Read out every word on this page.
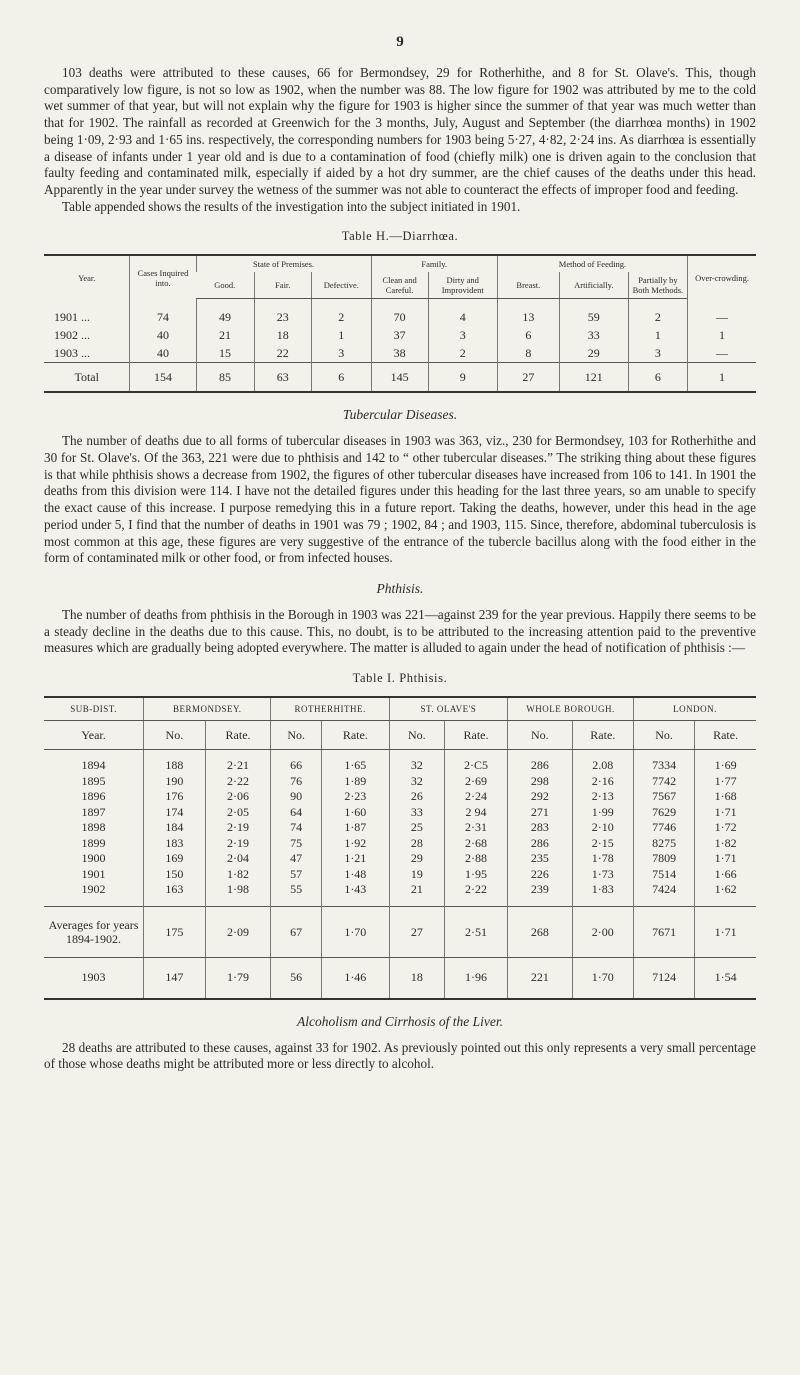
9

103 deaths were attributed to these causes, 66 for Bermondsey, 29 for Rotherhithe, and 8 for St. Olave's. This, though comparatively low figure, is not so low as 1902, when the number was 88. The low figure for 1902 was attributed by me to the cold wet summer of that year, but will not explain why the figure for 1903 is higher since the summer of that year was much wetter than that for 1902. The rainfall as recorded at Greenwich for the 3 months, July, August and September (the diarrhœa months) in 1902 being 1·09, 2·93 and 1·65 ins. respectively, the corresponding numbers for 1903 being 5·27, 4·82, 2·24 ins. As diarrhœa is essentially a disease of infants under 1 year old and is due to a contamination of food (chiefly milk) one is driven again to the conclusion that faulty feeding and contaminated milk, especially if aided by a hot dry summer, are the chief causes of the deaths under this head. Apparently in the year under survey the wetness of the summer was not able to counteract the effects of improper food and feeding.

Table appended shows the results of the investigation into the subject initiated in 1901.

Table H.—Diarrhœa.
Year.	Cases Inquired into.	State of Premises.			Family.		Method of Feeding.			Over-crowding.
		Good.	Fair.	Defective.	Clean and Careful.	Dirty and Improvident	Breast.	Artificially.	Partially by Both Methods.	
1901 ...	74	49	23	2	70	4	13	59	2	—
1902 ...	40	21	18	1	37	3	6	33	1	1
1903 ...	40	15	22	3	38	2	8	29	3	—
Total	154	85	63	6	145	9	27	121	6	1
Tubercular Diseases.

The number of deaths due to all forms of tubercular diseases in 1903 was 363, viz., 230 for Bermondsey, 103 for Rotherhithe and 30 for St. Olave's. Of the 363, 221 were due to phthisis and 142 to “ other tubercular diseases.” The striking thing about these figures is that while phthisis shows a decrease from 1902, the figures of other tubercular diseases have increased from 106 to 141. In 1901 the deaths from this division were 114. I have not the detailed figures under this heading for the last three years, so am unable to specify the exact cause of this increase. I purpose remedying this in a future report. Taking the deaths, however, under this head in the age period under 5, I find that the number of deaths in 1901 was 79 ; 1902, 84 ; and 1903, 115. Since, therefore, abdominal tuberculosis is most common at this age, these figures are very suggestive of the entrance of the tubercle bacillus along with the food either in the form of contaminated milk or other food, or from infected houses.

Phthisis.

The number of deaths from phthisis in the Borough in 1903 was 221—against 239 for the year previous. Happily there seems to be a steady decline in the deaths due to this cause. This, no doubt, is to be attributed to the increasing attention paid to the preventive measures which are gradually being adopted everywhere. The matter is alluded to again under the head of notification of phthisis :—

Table I. Phthisis.
SUB-DIST.	BERMONDSEY.		ROTHERHITHE.		ST. OLAVE'S		WHOLE BOROUGH.		LONDON.	
Year.	No.	Rate.	No.	Rate.	No.	Rate.	No.	Rate.	No.	Rate.
1894	188	2·21	66	1·65	32	2·C5	286	2.08	7334	1·69
1895	190	2·22	76	1·89	32	2·69	298	2·16	7742	1·77
1896	176	2·06	90	2·23	26	2·24	292	2·13	7567	1·68
1897	174	2·05	64	1·60	33	2 94	271	1·99	7629	1·71
1898	184	2·19	74	1·87	25	2·31	283	2·10	7746	1·72
1899	183	2·19	75	1·92	28	2·68	286	2·15	8275	1·82
1900	169	2·04	47	1·21	29	2·88	235	1·78	7809	1·71
1901	150	1·82	57	1·48	19	1·95	226	1·73	7514	1·66
1902	163	1·98	55	1·43	21	2·22	239	1·83	7424	1·62
Averages for years 1894-1902.	175	2·09	67	1·70	27	2·51	268	2·00	7671	1·71
1903	147	1·79	56	1·46	18	1·96	221	1·70	7124	1·54
Alcoholism and Cirrhosis of the Liver.

28 deaths are attributed to these causes, against 33 for 1902. As previously pointed out this only represents a very small percentage of those whose deaths might be attributed more or less directly to alcohol.
